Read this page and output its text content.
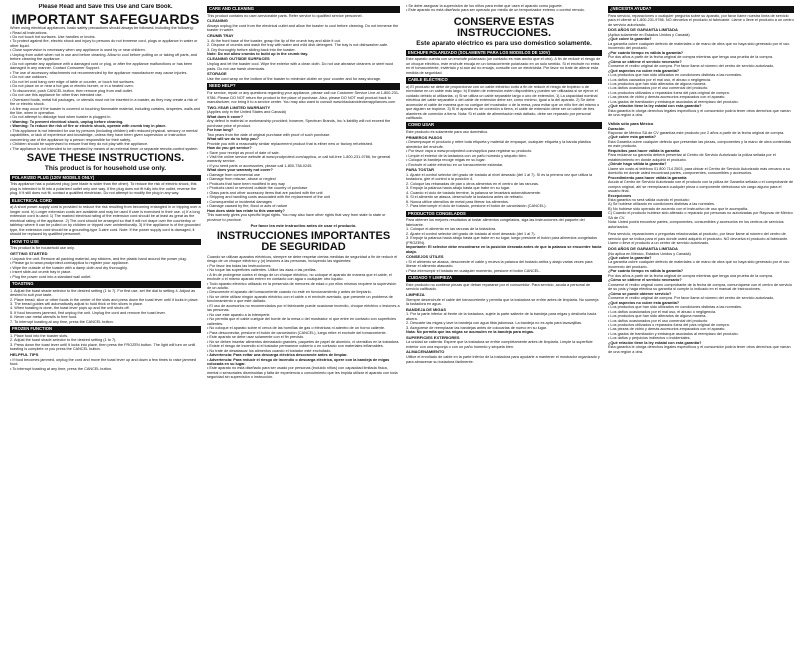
Please Read and Save this Use and Care Book.

IMPORTANT SAFEGUARDS

When using electrical appliances, basic safety precautions should always be followed, including the following:

• Read all instructions.
• Do not touch hot surfaces. Use handles or knobs.
• To protect against fire, electric shock and injury to persons do not immerse cord, plugs or appliance in water or other liquid.
• Close supervision is necessary when any appliance is used by or near children.
• Unplug from outlet when not in use and before cleaning. Allow to cool before putting on or taking off parts, and before cleaning the appliance.
• Do not operate any appliance with a damaged cord or plug, or after the appliance malfunctions or has been damaged in any manner. Contact Consumer Support.
• The use of accessory attachments not recommended by the appliance manufacturer may cause injuries.
• Do not use outdoors.
• Do not let cord hang over edge of table or counter, or touch hot surfaces.
• Do not place on or near a hot gas or electric burner, or in a heated oven.
• To disconnect, push CANCEL button, then remove plug from wall outlet.
• Do not use this appliance for other than intended use.
• Oversized foods, metal foil packages, or utensils must not be inserted in a toaster, as they may create a risk of fire or electric shock.
• A fire may occur if the toaster is covered or touching flammable material, including curtains, draperies, walls and the like, when in operation.
• Do not attempt to dislodge food when toaster is plugged in.
• Warning: To prevent electrical shock, unplug before cleaning.
• Warning: To reduce the risk of fire or electric shock, operate with crumb tray in place.
• This appliance is not intended for use by persons (including children) with reduced physical, sensory or mental capabilities, or lack of experience and knowledge, unless they have been given supervision or instruction concerning use of the appliance by a person responsible for their safety.
• Children should be supervised to ensure that they do not play with the appliance.
• The appliance is not intended to be operated by means of an external timer or separate remote-control system.
SAVE THESE INSTRUCTIONS.

This product is for household use only.

POLARIZED PLUG (120V MODELS ONLY)

This appliance has a polarized plug (one blade is wider than the other). To reduce the risk of electric shock, this plug is intended to fit into a polarized outlet only one way. If the plug does not fit fully into the outlet, reverse the plug. If it still does not fit, contact a qualified electrician. Do not attempt to modify the plug in any way.

ELECTRICAL CORD

a) A short power-supply cord is provided to reduce the risk resulting from becoming entangled in or tripping over a longer cord. b) Longer extension cords are available and may be used if care is exercised in their use. c) If a long extension cord is used: 1) The marked electrical rating of the extension cord should be at least as great as the electrical rating of the appliance. 2) The cord should be arranged so that it will not drape over the countertop or tabletop where it can be pulled on by children or tripped over unintentionally. 3) If the appliance is of the grounded type, the extension cord should be a grounding-type 3-wire cord. Note: If the power supply cord is damaged, it should be replaced by qualified personnel.

HOW TO USE

This product is for household use only.

GETTING STARTED

• Unpack the unit. Remove all packing material, any stickers, and the plastic band around the power plug.
• Please go to www.prodprotect.com/applica to register your appliance.
• Wipe the outside of the toaster with a damp cloth and dry thoroughly.
• Insert slide-out crumb tray in place.
• Plug the power cord into a standard wall outlet.
TOASTING

1. Adjust the toast shade selector to the desired setting (1 to 7). For first use, set the dial to setting 4. Adjust as desired to suit your taste.

2. Place bread, slice or other foods in the center of the slots and press down the toast lever until it locks in place.

3. The bread guides will automatically adjust to hold thick or thin slices in place.

4. When toasting is done, the toast lever pops up and the unit shuts off.

5. If food becomes jammed, first unplug the unit. Unplug the cord and remove the toast lever.

6. Never use metal utensils to free food.

7. To interrupt toasting at any time, press the CANCEL button.

FROZEN FUNCTION

1. Place food into the toaster slots.

2. Adjust the toast shade selector to the desired setting (1 to 7).

3. Press down the toast lever until it locks into place, then press the FROZEN button. The light will turn on until toasting is complete or you press the CANCEL button.

HELPFUL TIPS

• If food becomes jammed, unplug the cord and move the toast lever up and down a few times to raise jammed food.
• To interrupt toasting at any time, press the CANCEL button.
CARE AND CLEANING

This product contains no user-serviceable parts. Refer service to qualified service personnel.

CLEANING

Always unplug the cord from the electrical outlet and allow the toaster to cool before cleaning. Do not immerse the toaster in water.

CRUMB TRAY

1. At the front base of the toaster, grasp the lip of the crumb tray and slide it out.

2. Dispose of crumbs and wash the tray with water and mild dish detergent. The tray is not dishwasher-safe.

3. Dry thoroughly before sliding back into the toaster.

Note: Do not allow crumbs to build up in the crumb tray.

CLEANING OUTSIDE SURFACES

Unplug and let the toaster cool. Wipe the exterior with a clean cloth. Do not use abrasive cleaners or steel wool pads. Do not use harsh chemicals.

STORAGE

Use the cord wrap on the bottom of the toaster to minimize clutter on your counter and for easy storage.

NEED HELP?

For service, repair or any questions regarding your appliance, please call our Customer Service Line at 1-800-231-9786. Please DO NOT return the product to the place of purchase. Also, please DO NOT mail product back to manufacturer, nor bring it to a service center. You may also want to consult www.blackanddeckerappliances.com

TWO-YEAR LIMITED WARRANTY

(Applies only in the United States and Canada)

What does it cover?

Any defect in material or workmanship provided; however, Spectrum Brands, Inc.'s liability will not exceed the purchase price of product.

For how long?

Two years from the date of original purchase with proof of such purchase.

What will we do to help you?

Provide you with a reasonably similar replacement product that is either new or factory refurbished.

How do you get service?

• Save your receipt as proof of date of sale.
• Visit the online service website at www.prodprotect.com/applica, or call toll-free 1-800-231-9786, for general warranty service.
• If you need parts or accessories, please call 1-800-738-0245.

What does your warranty not cover?

• Damage from commercial use
• Damage from misuse, abuse or neglect
• Products that have been modified in any way
• Products used or serviced outside the country of purchase
• Glass parts and other accessory items that are packed with the unit
• Shipping and handling costs associated with the replacement of the unit
• Consequential or incidental damages
• Damage caused by fire, flood or acts of nature

How does state law relate to this warranty?

This warranty gives you specific legal rights. You may also have other rights that vary from state to state or province to province.

Por favor lea este instructivo antes de usar el producto.

INSTRUCCIONES IMPORTANTES
DE SEGURIDAD

Cuando se utilizan aparatos eléctricos, siempre se debe respetar ciertas medidas de seguridad a fin de reducir el riesgo de un choque eléctrico y (o) lesiones a las personas, incluyendo las siguientes:

• Por favor lea todas las instrucciones.
• No toque las superficies calientes. Utilice las asas o las perillas.
• A fin de protegerse contra el riesgo de un choque eléctrico, no coloque el aparato de manera que el cable, el enchufe o el mismo aparato entren en contacto con agua o cualquier otro líquido.
• Todo aparato eléctrico utilizado en la presencia de menores de edad o por ellos mismos requiere la supervisión de un adulto.
• Desconecte el aparato del tomacorriente cuando no esté en funcionamiento y antes de limpiarlo.
• No se debe utilizar ningún aparato eléctrico con el cable o el enchufe averiado, que presente un problema de funcionamiento o que esté dañado.
• El uso de accesorios no recomendados por el fabricante puede ocasionar incendio, choque eléctrico o lesiones a las personas.
• No use este aparato a la intemperie.
• No permita que el cable cuelgue del borde de la mesa o del mostrador ni que entre en contacto con superficies calientes.
• No coloque el aparato sobre ni cerca de las hornillas de gas o eléctricas ni adentro de un horno caliente.
• Para desconectar, presione el botón de cancelación (CANCEL), luego retire el enchufe del tomacorriente.
• Este aparato se debe usar solamente con el fin previsto.
• No se deben insertar alimentos demasiado grandes, paquetes de papel de aluminio, ni utensilios en la tostadora.
• Existe el riesgo de incendio si el tostador permanece cubierto o en contacto con materiales inflamables.
• No trate de desatascar los alimentos cuando el tostador esté enchufado.
• Advertencia: Para evitar una descarga eléctrica desconecte antes de limpiar.
• Advertencia: Para reducir el riesgo de incendio o descarga eléctrica, opere con la bandeja de migas colocada en su lugar.
• Este aparato no está diseñado para ser usado por personas (incluido niños) con capacidad limitada física, mental o sensoriales disminuidas y falta de experiencia o conocimiento que les impida utilizar el aparato con toda seguridad sin supervisión o instrucción.
• Se debe asegurar la supervisión de los niños para evitar que usen el aparato como juguete.
• Este aparato no está diseñado para ser operado por medio de un temporizador externo o control remoto.
CONSERVE ESTAS INSTRUCCIONES.

Este aparato eléctrico es para uso doméstico solamente.

ENCHUFE POLARIZADO (SOLAMENTE PARA LOS MODELOS DE 120V)

Este aparato cuenta con un enchufe polarizado (un contacto es más ancho que el otro). A fin de reducir el riesgo de un choque eléctrico, este enchufe encaja en un tomacorriente polarizado en un solo sentido. Si el enchufe no entra en el tomacorriente, inviértalo y si aun así no encaja, consulte con un electricista. Por favor no trate de alterar esta medida de seguridad.

CABLE ELÉCTRICO

a) El producto se debe de proporcionar con un cable eléctrico corto a fin de reducir el riesgo de tropiezo o de enredarse en un cable más largo. b) Existen de extensión estén disponibles y pueden ser utilizadas si se ejerce el cuidado debido al utilizarlas. c) Si se utiliza un cable separable largo o uno de extensión, 1) La capacidad nominal eléctrica del cable separable o del cable de extensión debe ser, como mínimo, igual a la del aparato. 2) Se debe acomodar el cable de manera que no cuelgue del mostrador o de la mesa, para evitar que un niño tire del mismo o que alguien se tropiece. 3) Si el aparato es de conexión a tierra, el cable de extensión debe ser un cable de tres alambres de conexión a tierra. Nota: Si el cable de alimentación está dañado, debe ser reparado por personal calificado.

COMO USAR

Este producto es solamente para uso doméstico.

PRIMEROS PASOS

• Desempaque el producto y retire toda etiqueta y material de empaque, cualquier etiqueta y la banda plástica alrededor del enchufe.
• Por favor vaya a www.prodprotect.com/applica para registrar su producto.
• Limpie el exterior de la tostadora con un paño húmedo y séquelo bien.
• Coloque la bandeja recoge migas en su lugar.
• Enchufe el cable eléctrico en un tomacorriente estándar.

PARA TOSTAR

1. Ajuste el control selector del grado de tostado al nivel deseado (del 1 al 7). Si es la primera vez que utiliza la tostadora, gire el control a la posición 4.

2. Coloque las rebanadas de pan u otros alimentos en el centro de las ranuras.

3. Empuje la palanca hacia abajo hasta que trabe en su lugar.

4. Cuando el ciclo de tostado termine, la palanca se levantará automáticamente.

5. Si el alimento se atasca, desenchufe la tostadora antes de retirarlo.

6. Nunca utilice utensilios de metal para liberar los alimentos.

7. Para interrumpir el ciclo de tostado, presione el botón de cancelación (CANCEL).

PRODUCTOS CONGELADOS

Para obtener los mejores resultados al tostar alimentos congelados, siga las instrucciones del paquete del fabricante.

1. Coloque el alimento en las ranuras de la tostadora.

2. Ajuste el control selector del grado de tostado al nivel deseado (del 1 al 7).

3. Empuje la palanca hacia abajo hasta que trabe en su lugar, luego presione el botón para alimentos congelados (FROZEN).

Importante: El selector debe encontrarse en la posición deseada antes de que la palanca se encuentre hacia abajo.

CONSEJOS ÚTILES

• Si el alimento se atasca, desconecte el cable y mueva la palanca del tostado arriba y abajo varias veces para liberar el alimento atascado.
• Para interrumpir el tostado en cualquier momento, presione el botón CANCEL.
CUIDADO Y LIMPIEZA

Este producto no contiene piezas que deban repararse por el consumidor. Para servicio, acuda a personal de servicio calificado.

LIMPIEZA

Siempre desenchufe el cable del tomacorriente y permita que la tostadora se enfríe antes de limpiarla. No sumerja la tostadora en agua.

BANDEJA DE MIGAS

1. Por la parte inferior al frente de la tostadora, sujete la parte saliente de la bandeja para migas y deslícela hacia afuera.

2. Descarte las migas y lave la bandeja con agua tibia jabonosa. La bandeja no es apta para lavavajillas.

3. Asegúrese de reemplazar las bandejas antes de colocarlas de nuevo en su lugar.

Nota: No permita que las migas se acumulen en la bandeja para migas.

SUPERFICIES EXTERIORES

La unidad se calienta. Espere que la tostadora se enfríe completamente antes de limpiarla. Limpie la superficie exterior con una esponja o con un paño húmedo y séquela bien.

ALMACENAMIENTO

Utilice el enrollado de cable en la parte inferior de la tostadora para ayudarle a mantener el mostrador organizado y para almacenar su tostadora fácilmente.

¿NECESITA AYUDA?

Para servicio, reparaciones o cualquier pregunta sobre su aparato, por favor llame nuestra línea de servicio para el cliente al 1-800-231-9786. NO devuelva el producto al fabricante. Llame o lleve el producto a un centro de servicio autorizado.

DOS AÑOS DE GARANTÍA LIMITADA

(Aplica solamente en Estados Unidos y Canadá)

¿Qué cubre la garantía?

La garantía cubre cualquier defecto de materiales o de mano de obra que no haya sido generado por el uso incorrecto del producto.

¿Por cuánto tiempo es válida la garantía?

Por dos años a partir de la fecha original de compra mientras que tenga una prueba de la compra.

¿Cómo se obtiene el servicio necesario?

Conserve el recibo original de compra. Por favor llame al número del centro de servicio autorizado.

¿Qué aspectos no cubre esta garantía?

• Los productos que han sido utilizados en condiciones distintas a las normales.
• Los daños causados por el mal uso, el abuso o negligencia.
• Los productos que han sido alterados de alguna manera.
• Los daños ocasionados por el uso comercial del producto.
• Los productos utilizados o reparados fuera del país original de compra.
• Las piezas de vidrio y demás accesorios empacados con el aparato.
• Los gastos de tramitación y embarque asociados al reemplazo del producto.

¿Qué relación tiene la ley estatal con esta garantía?

Esta garantía le otorga derechos legales específicos y el consumidor podría tener otros derechos que varían de una región a otra.

Válida sólo para México

Duración

Rayovac de México SA de CV garantiza este producto por 2 años a partir de la fecha original de compra.

¿Qué cubre esta garantía?

Esta Garantía cubre cualquier defecto que presentan las piezas, componentes y la mano de obra contenidas en este producto.

Requisitos para hacer válida la garantía

Para reclamar su garantía deberá presentar al Centro de Servicio Autorizado la póliza sellada por el establecimiento en donde adquirió el producto.

¿Dónde hago válida la garantía?

Llame sin costo al teléfono 01 800 714 2503, para ubicar el Centro de Servicio Autorizado más cercano a su domicilio en donde usted encontrará partes, componentes, consumibles y accesorios.

Procedimiento para hacer válida la garantía

Acuda al Centro de Servicio Autorizado con el producto con la póliza de Garantía sellada o el comprobante de compra original, ahí se reemplazará cualquier pieza o componente defectuoso sin cargo alguno para el usuario final.

Excepciones

Esta garantía no será válida cuando el producto:

A) Se hubiese utilizado en condiciones distintas a las normales.

B) No hubiese sido operado de acuerdo con el instructivo de uso que le acompaña.

C) Cuando el producto hubiese sido alterado o reparado por personas no autorizadas por Rayovac de México SA de CV.

Nota: Usted podrá encontrar partes, componentes, consumibles y accesorios en los centros de servicios autorizados.

Para servicio, reparaciones o preguntas relacionadas al producto, por favor llame al número del centro de servicio que se indica para el país donde usted adquirió el producto. NO devuelva el producto al fabricante. Llame o lleve el producto a un centro de servicio autorizado.

DOS AÑOS DE GARANTÍA LIMITADA

(No aplica en México, Estados Unidos y Canadá)

¿Qué cubre la garantía?

La garantía cubre cualquier defecto de materiales o de mano de obra que no haya sido generado por el uso incorrecto del producto.

¿Por cuánto tiempo es válida la garantía?

Por dos años a partir de la fecha original de compra mientras que tenga una prueba de la compra.

¿Cómo se obtiene el servicio necesario?

Conserve el recibo original como comprobante de la fecha de compra, comuníquese con el centro de servicio de su país y haga efectiva su garantía si cumple lo indicado en el manual de instrucciones.

¿Cómo se puede obtener servicio?

Conserve el recibo original de compra. Por favor llame al número del centro de servicio autorizado.

¿Qué aspectos no cubre esta garantía?

• Los productos que han sido utilizados en condiciones distintas a las normales.
• Los daños ocasionados por el mal uso, el abuso o negligencia.
• Los productos que han sido alterados de alguna manera.
• Los daños ocasionados por el uso comercial del producto.
• Los productos utilizados o reparados fuera del país original de compra.
• Las piezas de vidrio y demás accesorios empacados con el aparato.
• Los gastos de tramitación y embarque asociados al reemplazo del producto.
• Los daños y perjuicios indirectos o incidentales.

¿Qué relación tiene la ley estatal con esta garantía?

Esta garantía le otorga derechos legales específicos y el consumidor podría tener otros derechos que varían de una región a otra.
